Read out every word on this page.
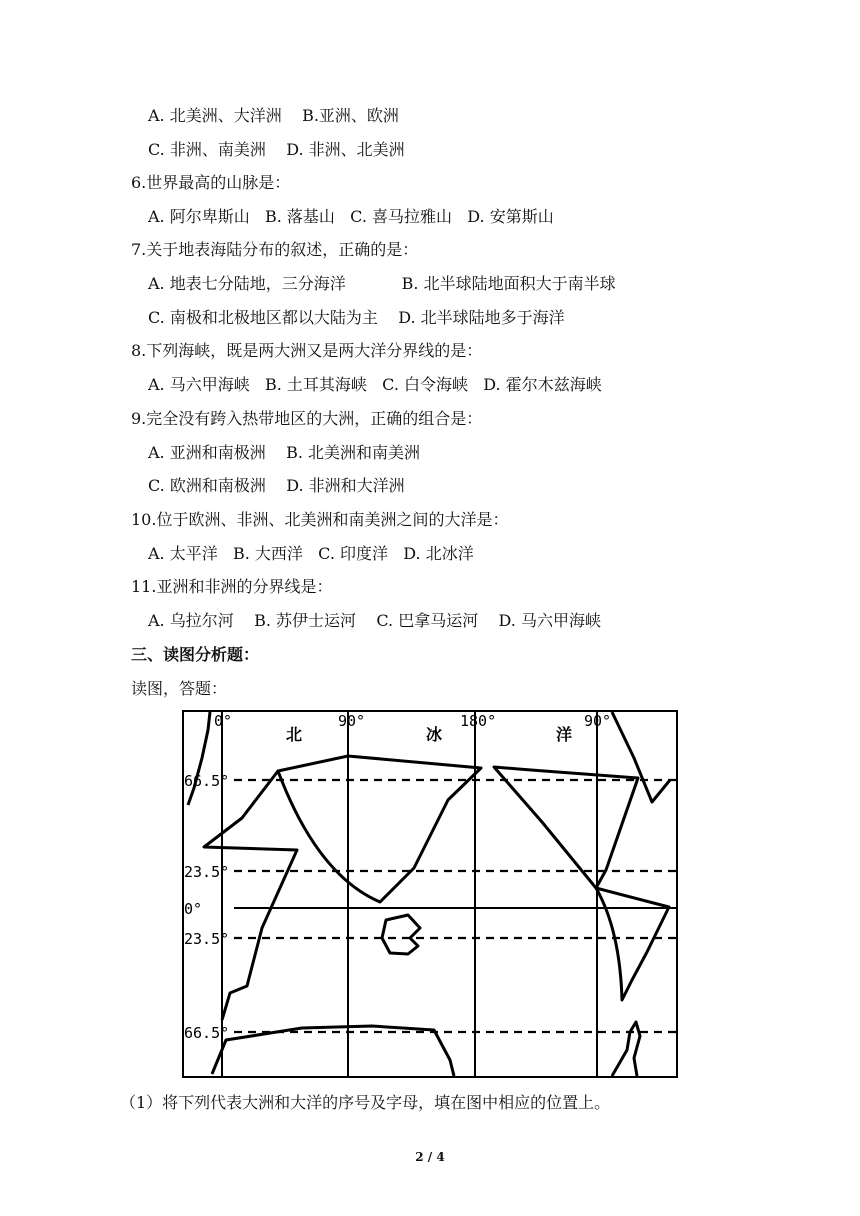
A. 北美洲、大洋洲    B.亚洲、欧洲
C. 非洲、南美洲    D. 非洲、北美洲
6.世界最高的山脉是：
A. 阿尔卑斯山   B. 落基山   C. 喜马拉雅山   D. 安第斯山
7.关于地表海陆分布的叙述，正确的是：
A. 地表七分陆地，三分海洋           B. 北半球陆地面积大于南半球
C. 南极和北极地区都以大陆为主    D. 北半球陆地多于海洋
8.下列海峡，既是两大洲又是两大洋分界线的是：
A. 马六甲海峡   B. 土耳其海峡   C. 白令海峡   D. 霍尔木兹海峡
9.完全没有跨入热带地区的大洲，正确的组合是：
A. 亚洲和南极洲    B. 北美洲和南美洲
C. 欧洲和南极洲    D. 非洲和大洋洲
10.位于欧洲、非洲、北美洲和南美洲之间的大洋是：
A. 太平洋   B. 大西洋   C. 印度洋   D. 北冰洋
11.亚洲和非洲的分界线是：
A. 乌拉尔河    B. 苏伊士运河    C. 巴拿马运河    D. 马六甲海峡
三、读图分析题：
读图，答题：
0°	90°	180°	90°
66.5°
23.5°
0°
23.5°
66.5°
北	冰	洋
（1）将下列代表大洲和大洋的序号及字母，填在图中相应的位置上。
2 / 4
